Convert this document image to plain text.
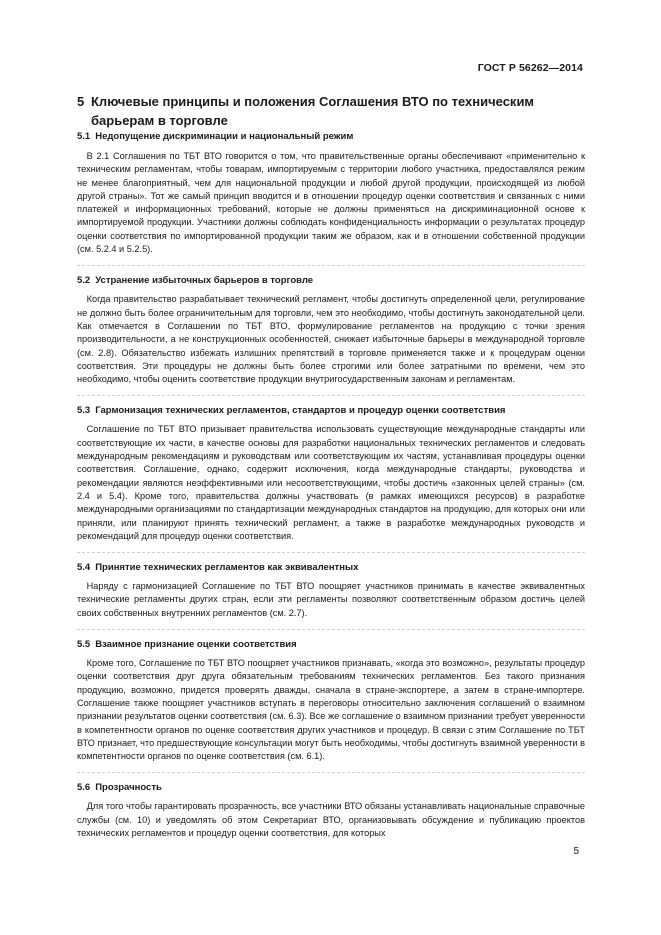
ГОСТ Р 56262—2014
5 Ключевые принципы и положения Соглашения ВТО по техническим
барьерам в торговле
5.1 Недопущение дискриминации и национальный режим

В 2.1 Соглашения по ТБТ ВТО говорится о том, что правительственные органы обеспечивают «применительно к техническим регламентам, чтобы товарам, импортируемым с территории любого участника, предоставлялся режим не менее благоприятный, чем для национальной продукции и любой другой продукции, происходящей из любой другой страны». Тот же самый принцип вводится и в отношении процедур оценки соответствия и связанных с ними платежей и информационных требований, которые не должны применяться на дискриминационной основе к импортируемой продукции. Участники должны соблюдать конфиденциальность информации о результатах процедур оценки соответствия по импортированной продукции таким же образом, как и в отношении собственной продукции (см. 5.2.4 и 5.2.5).

5.2 Устранение избыточных барьеров в торговле

Когда правительство разрабатывает технический регламент, чтобы достигнуть определенной цели, регулирование не должно быть более ограничительным для торговли, чем это необходимо, чтобы достигнуть законодательной цели. Как отмечается в Соглашении по ТБТ ВТО, формулирование регламентов на продукцию с точки зрения производительности, а не конструкционных особенностей, снижает избыточные барьеры в международной торговле (см. 2.8). Обязательство избежать излишних препятствий в торговле применяется также и к процедурам оценки соответствия. Эти процедуры не должны быть более строгими или более затратными по времени, чем это необходимо, чтобы оценить соответствие продукции внутригосударственным законам и регламентам.

5.3 Гармонизация технических регламентов, стандартов и процедур оценки соответствия

Соглашение по ТБТ ВТО призывает правительства использовать существующие международные стандарты или соответствующие их части, в качестве основы для разработки национальных технических регламентов и следовать международным рекомендациям и руководствам или соответствующим их частям, устанавливая процедуры оценки соответствия. Соглашение, однако, содержит исключения, когда международные стандарты, руководства и рекомендации являются неэффективными или несоответствующими, чтобы достичь «законных целей страны» (см. 2.4 и 5.4). Кроме того, правительства должны участвовать (в рамках имеющихся ресурсов) в разработке международными организациями по стандартизации международных стандартов на продукцию, для которых они или приняли, или планируют принять технический регламент, а также в разработке международных руководств и рекомендаций для процедур оценки соответствия.

5.4 Принятие технических регламентов как эквивалентных

Наряду с гармонизацией Соглашение по ТБТ ВТО поощряет участников принимать в качестве эквивалентных технические регламенты других стран, если эти регламенты позволяют соответственным образом достичь целей своих собственных внутренних регламентов (см. 2.7).

5.5 Взаимное признание оценки соответствия

Кроме того, Соглашение по ТБТ ВТО поощряет участников признавать, «когда это возможно», результаты процедур оценки соответствия друг друга обязательным требованиям технических регламентов. Без такого признания продукцию, возможно, придется проверять дважды, сначала в стране-экспортере, а затем в стране-импортере. Соглашение также поощряет участников вступать в переговоры относительно заключения соглашений о взаимном признании результатов оценки соответствия (см. 6.3). Все же соглашение о взаимном признании требует уверенности в компетентности органов по оценке соответствия других участников и процедур. В связи с этим Соглашение по ТБТ ВТО признает, что предшествующие консультации могут быть необходимы, чтобы достигнуть взаимной уверенности в компетентности органов по оценке соответствия (см. 6.1).

5.6 Прозрачность

Для того чтобы гарантировать прозрачность, все участники ВТО обязаны устанавливать национальные справочные службы (см. 10) и уведомлять об этом Секретариат ВТО, организовывать обсуждение и публикацию проектов технических регламентов и процедур оценки соответствия, для которых

5
